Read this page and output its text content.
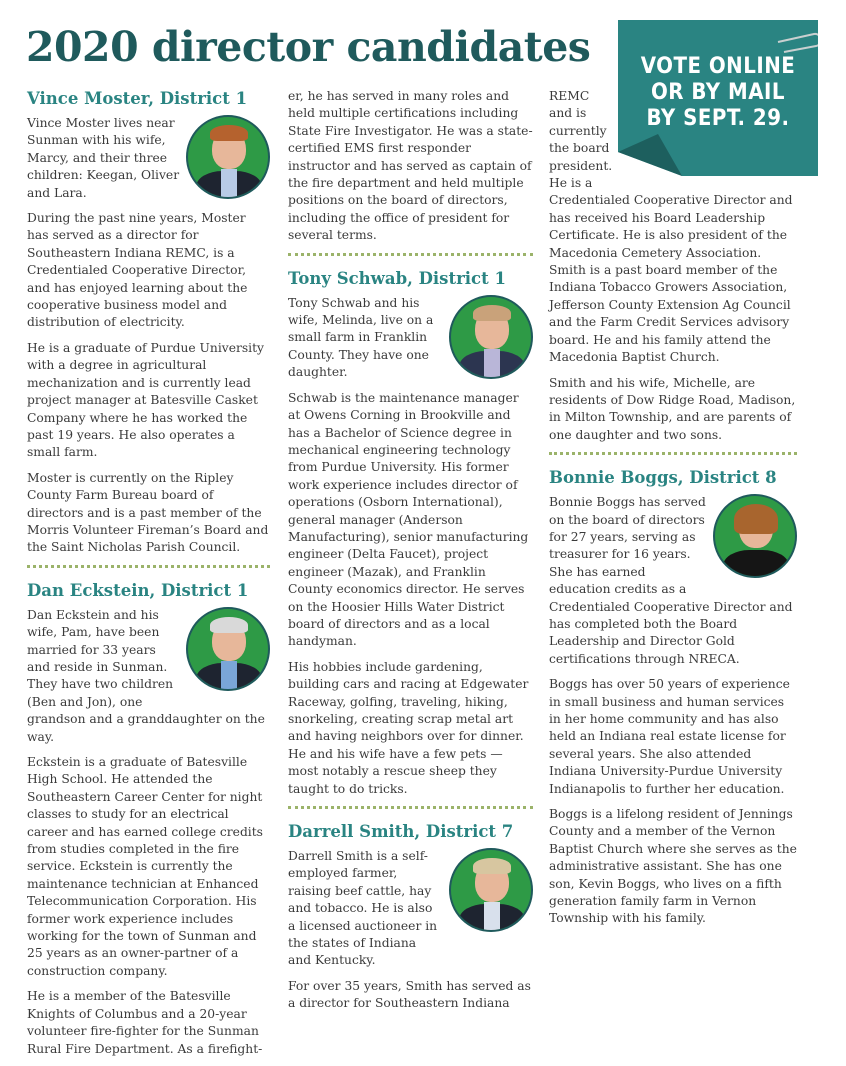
2020 director candidates	VOTE ONLINE
OR BY MAIL
BY SEPT. 29.
Vince Moster, District 1

Vince Moster lives near Sunman with his wife, Marcy, and their three children: Keegan, Oliver and Lara.

During the past nine years, Moster has served as a director for Southeastern Indiana REMC, is a Credentialed Cooperative Director, and has enjoyed learning about the cooperative business model and distribution of electricity.

He is a graduate of Purdue University with a degree in agricultural mechanization and is currently lead project manager at Batesville Casket Company where he has worked the past 19 years. He also operates a small farm.

Moster is currently on the Ripley County Farm Bureau board of directors and is a past member of the Morris Volunteer Fireman’s Board and the Saint Nicholas Parish Council.

Dan Eckstein, District 1

Dan Eckstein and his wife, Pam, have been married for 33 years and reside in Sunman. They have two children (Ben and Jon), one grandson and a granddaughter on the way.

Eckstein is a graduate of Batesville High School. He attended the Southeastern Career Center for night classes to study for an electrical career and has earned college credits from studies completed in the fire service. Eckstein is currently the maintenance technician at Enhanced Telecommunication Corporation. His former work experience includes working for the town of Sunman and 25 years as an owner-partner of a construction company.

He is a member of the Batesville Knights of Columbus and a 20-year volunteer fire-fighter for the Sunman Rural Fire Department. As a firefight-

er, he has served in many roles and held multiple certifications including State Fire Investigator. He was a state-certified EMS first responder instructor and has served as captain of the fire department and held multiple positions on the board of directors, including the office of president for several terms.

Tony Schwab, District 1

Tony Schwab and his wife, Melinda, live on a small farm in Franklin County. They have one daughter.

Schwab is the maintenance manager at Owens Corning in Brookville and has a Bachelor of Science degree in mechanical engineering technology from Purdue University. His former work experience includes director of operations (Osborn International), general manager (Anderson Manufacturing), senior manufacturing engineer (Delta Faucet), project engineer (Mazak), and Franklin County economics director. He serves on the Hoosier Hills Water District board of directors and as a local handyman.

His hobbies include gardening, building cars and racing at Edgewater Raceway, golfing, traveling, hiking, snorkeling, creating scrap metal art and having neighbors over for dinner. He and his wife have a few pets — most notably a rescue sheep they taught to do tricks.

Darrell Smith, District 7

Darrell Smith is a self-employed farmer, raising beef cattle, hay and tobacco. He is also a licensed auctioneer in the states of Indiana and Kentucky.

For over 35 years, Smith has served as a director for Southeastern Indiana

REMC and is currently the board president. He is a Credentialed Cooperative Director and has received his Board Leadership Certificate. He is also president of the Macedonia Cemetery Association. Smith is a past board member of the Indiana Tobacco Growers Association, Jefferson County Extension Ag Council and the Farm Credit Services advisory board. He and his family attend the Macedonia Baptist Church.

Smith and his wife, Michelle, are residents of Dow Ridge Road, Madison, in Milton Township, and are parents of one daughter and two sons.

Bonnie Boggs, District 8

Bonnie Boggs has served on the board of directors for 27 years, serving as treasurer for 16 years. She has earned education credits as a Credentialed Cooperative Director and has completed both the Board Leadership and Director Gold certifications through NRECA.

Boggs has over 50 years of experience in small business and human services in her home community and has also held an Indiana real estate license for several years. She also attended Indiana University-Purdue University Indianapolis to further her education.

Boggs is a lifelong resident of Jennings County and a member of the Vernon Baptist Church where she serves as the administrative assistant. She has one son, Kevin Boggs, who lives on a fifth generation family farm in Vernon Township with his family.
